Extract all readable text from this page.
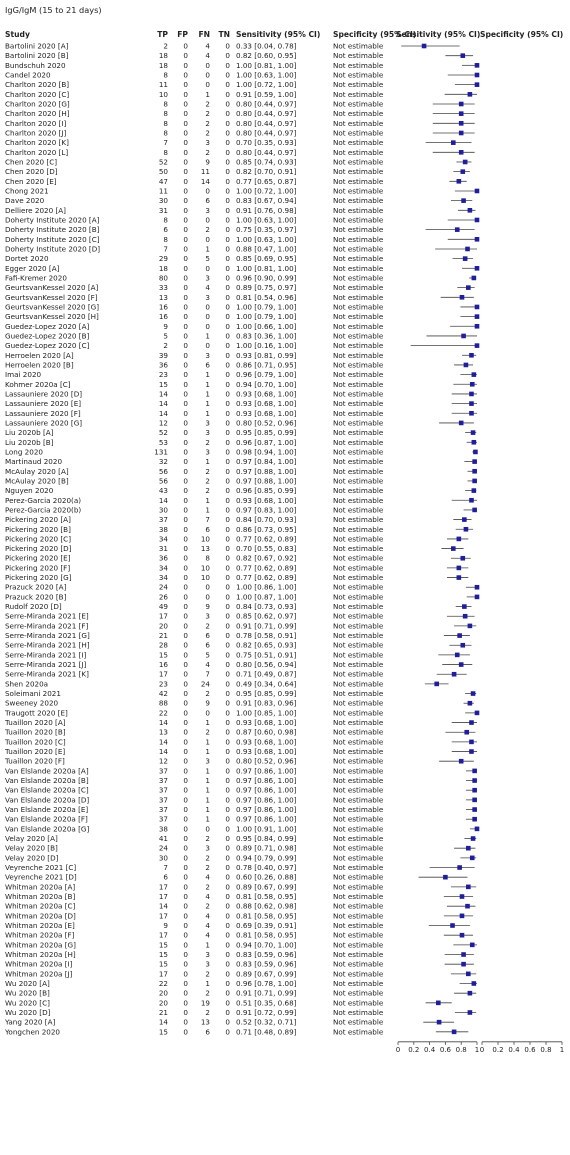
IgG/IgM (15 to 21 days)
Study	TP FP FN TN Sensitivity (95% CI) Specificity (95% CI)
Sensitivity (95% CI) Specificity (95% CI)
Bartolini 2020 [A]	2 0 4 0 0.33 [0.04, 0.78]	Not estimable
Bartolini 2020 [B]	18 0 4 0 0.82 [0.60, 0.95]	Not estimable
Bundschuh 2020	18 0 0 0 1.00 [0.81, 1.00]	Not estimable
Candel 2020	8 0 0 0 1.00 [0.63, 1.00]	Not estimable
Charlton 2020 [B]	11 0 0 0 1.00 [0.72, 1.00]	Not estimable
Charlton 2020 [C]	10 0 1 0 0.91 [0.59, 1.00]	Not estimable
Charlton 2020 [G]	8 0 2 0 0.80 [0.44, 0.97]	Not estimable
Charlton 2020 [H]	8 0 2 0 0.80 [0.44, 0.97]	Not estimable
Charlton 2020 [I]	8 0 2 0 0.80 [0.44, 0.97]	Not estimable
Charlton 2020 [J]	8 0 2 0 0.80 [0.44, 0.97]	Not estimable
Charlton 2020 [K]	7 0 3 0 0.70 [0.35, 0.93]	Not estimable
Charlton 2020 [L]	8 0 2 0 0.80 [0.44, 0.97]	Not estimable
Chen 2020 [C]	52 0 9 0 0.85 [0.74, 0.93]	Not estimable
Chen 2020 [D]	50 0 11 0 0.82 [0.70, 0.91]	Not estimable
Chen 2020 [E]	47 0 14 0 0.77 [0.65, 0.87]	Not estimable
Chong 2021	11 0 0 0 1.00 [0.72, 1.00]	Not estimable
Dave 2020	30 0 6 0 0.83 [0.67, 0.94]	Not estimable
Delliere 2020 [A]	31 0 3 0 0.91 [0.76, 0.98]	Not estimable
Doherty Institute 2020 [A]	8 0 0 0 1.00 [0.63, 1.00]	Not estimable
Doherty Institute 2020 [B]	6 0 2 0 0.75 [0.35, 0.97]	Not estimable
Doherty Institute 2020 [C]	8 0 0 0 1.00 [0.63, 1.00]	Not estimable
Doherty Institute 2020 [D]	7 0 1 0 0.88 [0.47, 1.00]	Not estimable
Dortet 2020	29 0 5 0 0.85 [0.69, 0.95]	Not estimable
Egger 2020 [A]	18 0 0 0 1.00 [0.81, 1.00]	Not estimable
Fafi-Kremer 2020	80 0 3 0 0.96 [0.90, 0.99]	Not estimable
GeurtsvanKessel 2020 [A]	33 0 4 0 0.89 [0.75, 0.97]	Not estimable
GeurtsvanKessel 2020 [F]	13 0 3 0 0.81 [0.54, 0.96]	Not estimable
GeurtsvanKessel 2020 [G]	16 0 0 0 1.00 [0.79, 1.00]	Not estimable
GeurtsvanKessel 2020 [H]	16 0 0 0 1.00 [0.79, 1.00]	Not estimable
Guedez-Lopez 2020 [A]	9 0 0 0 1.00 [0.66, 1.00]	Not estimable
Guedez-Lopez 2020 [B]	5 0 1 0 0.83 [0.36, 1.00]	Not estimable
Guedez-Lopez 2020 [C]	2 0 0 0 1.00 [0.16, 1.00]	Not estimable
Herroelen 2020 [A]	39 0 3 0 0.93 [0.81, 0.99]	Not estimable
Herroelen 2020 [B]	36 0 6 0 0.86 [0.71, 0.95]	Not estimable
Imai 2020	23 0 1 0 0.96 [0.79, 1.00]	Not estimable
Kohmer 2020a [C]	15 0 1 0 0.94 [0.70, 1.00]	Not estimable
Lassauniere 2020 [D]	14 0 1 0 0.93 [0.68, 1.00]	Not estimable
Lassauniere 2020 [E]	14 0 1 0 0.93 [0.68, 1.00]	Not estimable
Lassauniere 2020 [F]	14 0 1 0 0.93 [0.68, 1.00]	Not estimable
Lassauniere 2020 [G]	12 0 3 0 0.80 [0.52, 0.96]	Not estimable
Liu 2020b [A]	52 0 3 0 0.95 [0.85, 0.99]	Not estimable
Liu 2020b [B]	53 0 2 0 0.96 [0.87, 1.00]	Not estimable
Long 2020	131 0 3 0 0.98 [0.94, 1.00]	Not estimable
Martinaud 2020	32 0 1 0 0.97 [0.84, 1.00]	Not estimable
McAulay 2020 [A]	56 0 2 0 0.97 [0.88, 1.00]	Not estimable
McAulay 2020 [B]	56 0 2 0 0.97 [0.88, 1.00]	Not estimable
Nguyen 2020	43 0 2 0 0.96 [0.85, 0.99]	Not estimable
Perez-Garcia 2020(a)	14 0 1 0 0.93 [0.68, 1.00]	Not estimable
Perez-Garcia 2020(b)	30 0 1 0 0.97 [0.83, 1.00]	Not estimable
Pickering 2020 [A]	37 0 7 0 0.84 [0.70, 0.93]	Not estimable
Pickering 2020 [B]	38 0 6 0 0.86 [0.73, 0.95]	Not estimable
Pickering 2020 [C]	34 0 10 0 0.77 [0.62, 0.89]	Not estimable
Pickering 2020 [D]	31 0 13 0 0.70 [0.55, 0.83]	Not estimable
Pickering 2020 [E]	36 0 8 0 0.82 [0.67, 0.92]	Not estimable
Pickering 2020 [F]	34 0 10 0 0.77 [0.62, 0.89]	Not estimable
Pickering 2020 [G]	34 0 10 0 0.77 [0.62, 0.89]	Not estimable
Prazuck 2020 [A]	24 0 0 0 1.00 [0.86, 1.00]	Not estimable
Prazuck 2020 [B]	26 0 0 0 1.00 [0.87, 1.00]	Not estimable
Rudolf 2020 [D]	49 0 9 0 0.84 [0.73, 0.93]	Not estimable
Serre-Miranda 2021 [E]	17 0 3 0 0.85 [0.62, 0.97]	Not estimable
Serre-Miranda 2021 [F]	20 0 2 0 0.91 [0.71, 0.99]	Not estimable
Serre-Miranda 2021 [G]	21 0 6 0 0.78 [0.58, 0.91]	Not estimable
Serre-Miranda 2021 [H]	28 0 6 0 0.82 [0.65, 0.93]	Not estimable
Serre-Miranda 2021 [I]	15 0 5 0 0.75 [0.51, 0.91]	Not estimable
Serre-Miranda 2021 [J]	16 0 4 0 0.80 [0.56, 0.94]	Not estimable
Serre-Miranda 2021 [K]	17 0 7 0 0.71 [0.49, 0.87]	Not estimable
Shen 2020a	23 0 24 0 0.49 [0.34, 0.64]	Not estimable
Soleimani 2021	42 0 2 0 0.95 [0.85, 0.99]	Not estimable
Sweeney 2020	88 0 9 0 0.91 [0.83, 0.96]	Not estimable
Traugott 2020 [E]	22 0 0 0 1.00 [0.85, 1.00]	Not estimable
Tuaillon 2020 [A]	14 0 1 0 0.93 [0.68, 1.00]	Not estimable
Tuaillon 2020 [B]	13 0 2 0 0.87 [0.60, 0.98]	Not estimable
Tuaillon 2020 [C]	14 0 1 0 0.93 [0.68, 1.00]	Not estimable
Tuaillon 2020 [E]	14 0 1 0 0.93 [0.68, 1.00]	Not estimable
Tuaillon 2020 [F]	12 0 3 0 0.80 [0.52, 0.96]	Not estimable
Van Elslande 2020a [A]	37 0 1 0 0.97 [0.86, 1.00]	Not estimable
Van Elslande 2020a [B]	37 0 1 0 0.97 [0.86, 1.00]	Not estimable
Van Elslande 2020a [C]	37 0 1 0 0.97 [0.86, 1.00]	Not estimable
Van Elslande 2020a [D]	37 0 1 0 0.97 [0.86, 1.00]	Not estimable
Van Elslande 2020a [E]	37 0 1 0 0.97 [0.86, 1.00]	Not estimable
Van Elslande 2020a [F]	37 0 1 0 0.97 [0.86, 1.00]	Not estimable
Van Elslande 2020a [G]	38 0 0 0 1.00 [0.91, 1.00]	Not estimable
Velay 2020 [A]	41 0 2 0 0.95 [0.84, 0.99]	Not estimable
Velay 2020 [B]	24 0 3 0 0.89 [0.71, 0.98]	Not estimable
Velay 2020 [D]	30 0 2 0 0.94 [0.79, 0.99]	Not estimable
Veyrenche 2021 [C]	7 0 2 0 0.78 [0.40, 0.97]	Not estimable
Veyrenche 2021 [D]	6 0 4 0 0.60 [0.26, 0.88]	Not estimable
Whitman 2020a [A]	17 0 2 0 0.89 [0.67, 0.99]	Not estimable
Whitman 2020a [B]	17 0 4 0 0.81 [0.58, 0.95]	Not estimable
Whitman 2020a [C]	14 0 2 0 0.88 [0.62, 0.98]	Not estimable
Whitman 2020a [D]	17 0 4 0 0.81 [0.58, 0.95]	Not estimable
Whitman 2020a [E]	9 0 4 0 0.69 [0.39, 0.91]	Not estimable
Whitman 2020a [F]	17 0 4 0 0.81 [0.58, 0.95]	Not estimable
Whitman 2020a [G]	15 0 1 0 0.94 [0.70, 1.00]	Not estimable
Whitman 2020a [H]	15 0 3 0 0.83 [0.59, 0.96]	Not estimable
Whitman 2020a [I]	15 0 3 0 0.83 [0.59, 0.96]	Not estimable
Whitman 2020a [J]	17 0 2 0 0.89 [0.67, 0.99]	Not estimable
Wu 2020 [A]	22 0 1 0 0.96 [0.78, 1.00]	Not estimable
Wu 2020 [B]	20 0 2 0 0.91 [0.71, 0.99]	Not estimable
Wu 2020 [C]	20 0 19 0 0.51 [0.35, 0.68]	Not estimable
Wu 2020 [D]	21 0 2 0 0.91 [0.72, 0.99]	Not estimable
Yang 2020 [A]	14 0 13 0 0.52 [0.32, 0.71]	Not estimable
Yongchen 2020	15 0 6 0 0.71 [0.48, 0.89]	Not estimable
0 0.2 0.4 0.6 0.8 1 0 0.2 0.4 0.6 0.8 1
